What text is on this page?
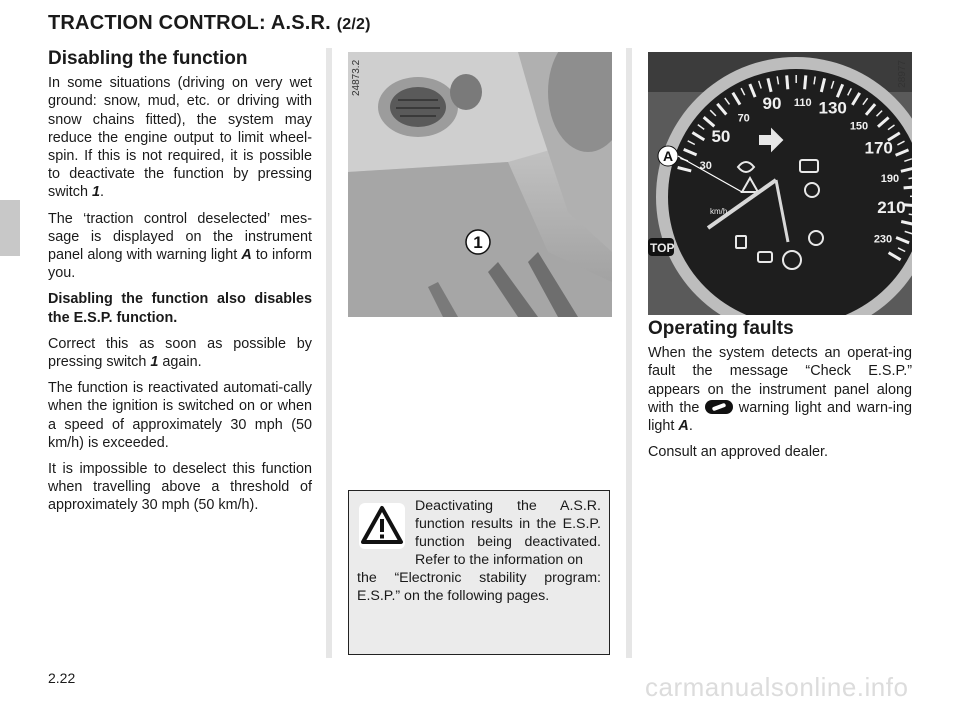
TRACTION CONTROL: A.S.R. (2/2)
Disabling the function

In some situations (driving on very wet ground: snow, mud, etc. or driving with snow chains fitted), the system may reduce the engine output to limit wheel-spin. If this is not required, it is possible to deactivate the function by pressing switch 1.

The ‘traction control deselected’ mes-sage is displayed on the instrument panel along with warning light A to inform you.

Disabling the function also disables the E.S.P. function.

Correct this as soon as possible by pressing switch 1 again.

The function is reactivated automati-cally when the ignition is switched on or when a speed of approximately 30 mph (50 km/h) is exceeded.

It is impossible to deselect this function when travelling above a threshold of approximately 30 mph (50 km/h).

1
24873.2
30
50
70
90 110 130
150
170
190
210
230
km/h
TOP
A
28977
Operating faults

When the system detects an operat-ing fault the message “Check E.S.P.” appears on the instrument panel along with the	warning light and warn-ing light A.

Consult an approved dealer.

Deactivating the A.S.R. function results in the E.S.P. function being deactivated. Refer to the information on
the “Electronic stability program: E.S.P.” on the following pages.
2.22	carmanualsonline.info
